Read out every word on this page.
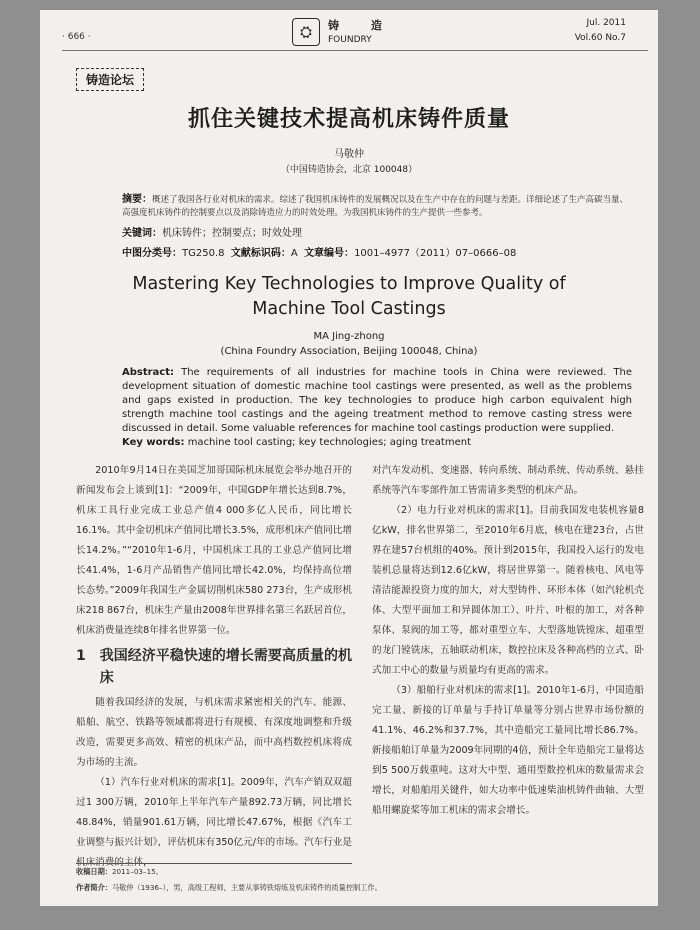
· 666 ·	⛭	铸 造
FOUNDRY
Jul. 2011
Vol.60 No.7
铸造论坛
抓住关键技术提高机床铸件质量
马敬仲
（中国铸造协会，北京 100048）
摘要：概述了我国各行业对机床的需求。综述了我国机床铸件的发展概况以及在生产中存在的问题与差距。详细论述了生产高碳当量、高强度机床铸件的控制要点以及消除铸造应力的时效处理。为我国机床铸件的生产提供一些参考。
关键词：机床铸件；控制要点；时效处理
中图分类号：TG250.8 文献标识码：A 文章编号：1001–4977（2011）07–0666–08
Mastering Key Technologies to Improve Quality of
Machine Tool Castings
MA Jing-zhong
(China Foundry Association, Beijing 100048, China)
Abstract: The requirements of all industries for machine tools in China were reviewed. The development situation of domestic machine tool castings were presented, as well as the problems and gaps existed in production. The key technologies to produce high carbon equivalent high strength machine tool castings and the ageing treatment method to remove casting stress were discussed in detail. Some valuable references for machine tool castings production were supplied.
Key words: machine tool casting; key technologies; aging treatment

2010年9月14日在美国芝加哥国际机床展览会举办地召开的新闻发布会上谈到[1]：“2009年，中国GDP年增长达到8.7%，机床工具行业完成工业总产值4 000多亿人民币，同比增长16.1%。其中金切机床产值同比增长3.5%，成形机床产值同比增长14.2%。”“2010年1-6月，中国机床工具的工业总产值同比增长41.4%，1-6月产品销售产值同比增长42.0%，均保持高位增长态势。”2009年我国生产金属切削机床580 273台，生产成形机床218 867台，机床生产量由2008年世界排名第三名跃居首位，机床消费量连续8年排名世界第一位。

1 我国经济平稳快速的增长需要高质量的机床

随着我国经济的发展，与机床需求紧密相关的汽车、能源、船舶、航空、铁路等领域都将进行有规模、有深度地调整和升级改造，需要更多高效、精密的机床产品，而中高档数控机床将成为市场的主流。

（1）汽车行业对机床的需求[1]。2009年，汽车产销双双超过1 300万辆，2010年上半年汽车产量892.73万辆，同比增长48.84%，销量901.61万辆，同比增长47.67%，根据《汽车工业调整与振兴计划》，评估机床有350亿元/年的市场。汽车行业是

对汽车发动机、变速器、转向系统、制动系统、传动系统、悬挂系统等汽车零部件加工皆需请多类型的机床产品。

（2）电力行业对机床的需求[1]。目前我国发电装机容量8亿kW，排名世界第二，至2010年6月底，核电在建23台，占世界在建57台机组的40%。预计到2015年，我国投入运行的发电装机总量将达到12.6亿kW，将居世界第一。随着核电、风电等清洁能源投资力度的加大，对大型铸件、环形本体（如汽轮机壳体、大型平面加工和异圆体加工）、叶片、叶根的加工，对各种泵体、泵阀的加工等，都对重型立车、大型落地铣镗床、超重型的龙门镗铣床，五轴联动机床，数控拉床及各种高档的立式、卧式加工中心的数量与质量均有更高的需求。

（3）船舶行业对机床的需求[1]。2010年1-6月，中国造船完工量、新接的订单量与手持订单量等分别占世界市场份额的41.1%、46.2%和37.7%，其中造船完工量同比增长86.7%。新接船舶订单量为2009年同期的4倍，预计全年造船完工量将达到5 500万载重吨。这对大中型、通用型数控机床的数量需求会增长，对船舶用关键件，如大功率中低速柴油机铸件曲轴、大型船用螺旋桨等加工机床的需求会增长。

收稿日期：2011–03–15。
作者简介：马敬仲（1936–），男，高级工程师，主要从事铸铁熔炼及机床铸件的质量控制工作。
